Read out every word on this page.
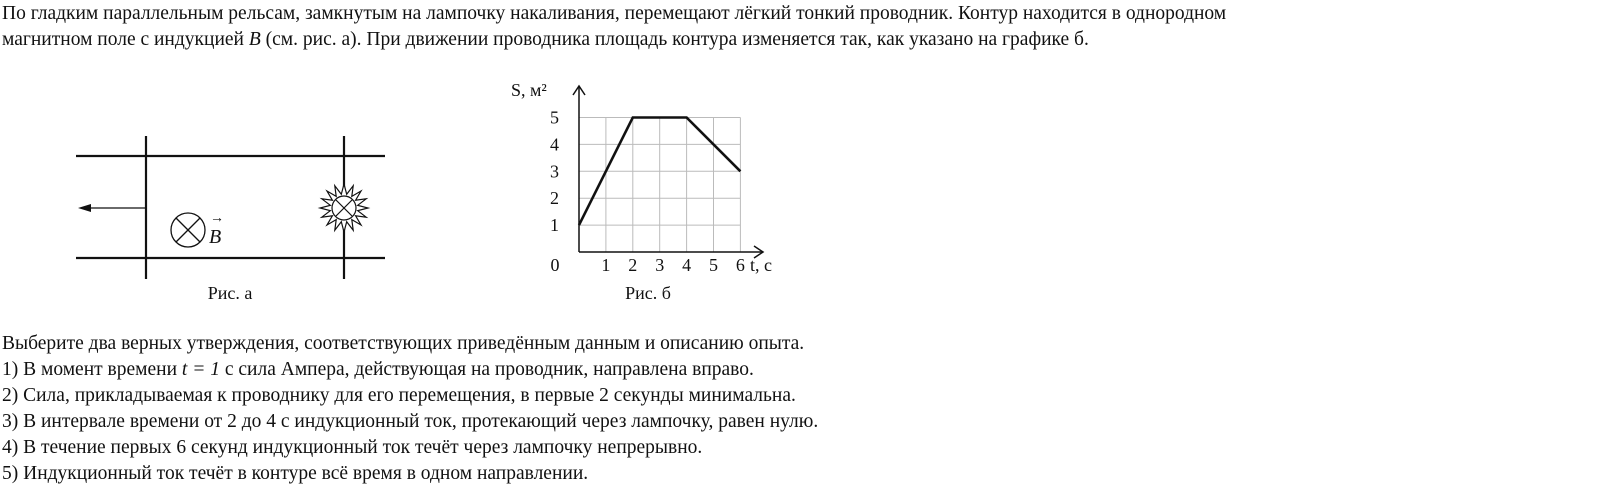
По гладким параллельным рельсам, замкнутым на лампочку накаливания, перемещают лёгкий тонкий проводник. Контур находится в однородном
магнитном поле с индукцией B (см. рис. а). При движении проводника площадь контура изменяется так, как указано на графике б.
B
→
Рис. а
0 1 2 3 4 5 6
1
2
3
4
5
S, м²
t, с
Рис. б
Выберите два верных утверждения, соответствующих приведённым данным и описанию опыта.
1) В момент времени t = 1 с сила Ампера, действующая на проводник, направлена вправо.
2) Сила, прикладываемая к проводнику для его перемещения, в первые 2 секунды минимальна.
3) В интервале времени от 2 до 4 с индукционный ток, протекающий через лампочку, равен нулю.
4) В течение первых 6 секунд индукционный ток течёт через лампочку непрерывно.
5) Индукционный ток течёт в контуре всё время в одном направлении.
